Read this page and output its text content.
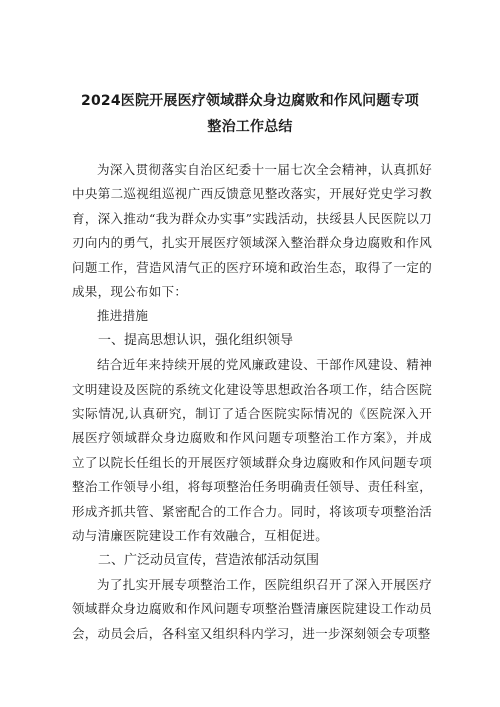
2024医院开展医疗领域群众身边腐败和作风问题专项
整治工作总结

为深入贯彻落实自治区纪委十一届七次全会精神，认真抓好中央第二巡视组巡视广西反馈意见整改落实，开展好党史学习教育，深入推动“我为群众办实事”实践活动，扶绥县人民医院以刀刃向内的勇气，扎实开展医疗领域深入整治群众身边腐败和作风问题工作，营造风清气正的医疗环境和政治生态，取得了一定的成果，现公布如下：

推进措施

一、提高思想认识，强化组织领导

结合近年来持续开展的党风廉政建设、干部作风建设、精神文明建设及医院的系统文化建设等思想政治各项工作，结合医院实际情况,认真研究，制订了适合医院实际情况的《医院深入开展医疗领域群众身边腐败和作风问题专项整治工作方案》，并成立了以院长任组长的开展医疗领域群众身边腐败和作风问题专项整治工作领导小组，将每项整治任务明确责任领导、责任科室，形成齐抓共管、紧密配合的工作合力。同时，将该项专项整治活动与清廉医院建设工作有效融合，互相促进。

二、广泛动员宣传，营造浓郁活动氛围

为了扎实开展专项整治工作，医院组织召开了深入开展医疗领域群众身边腐败和作风问题专项整治暨清廉医院建设工作动员会，动员会后，各科室又组织科内学习，进一步深刻领会专项整
